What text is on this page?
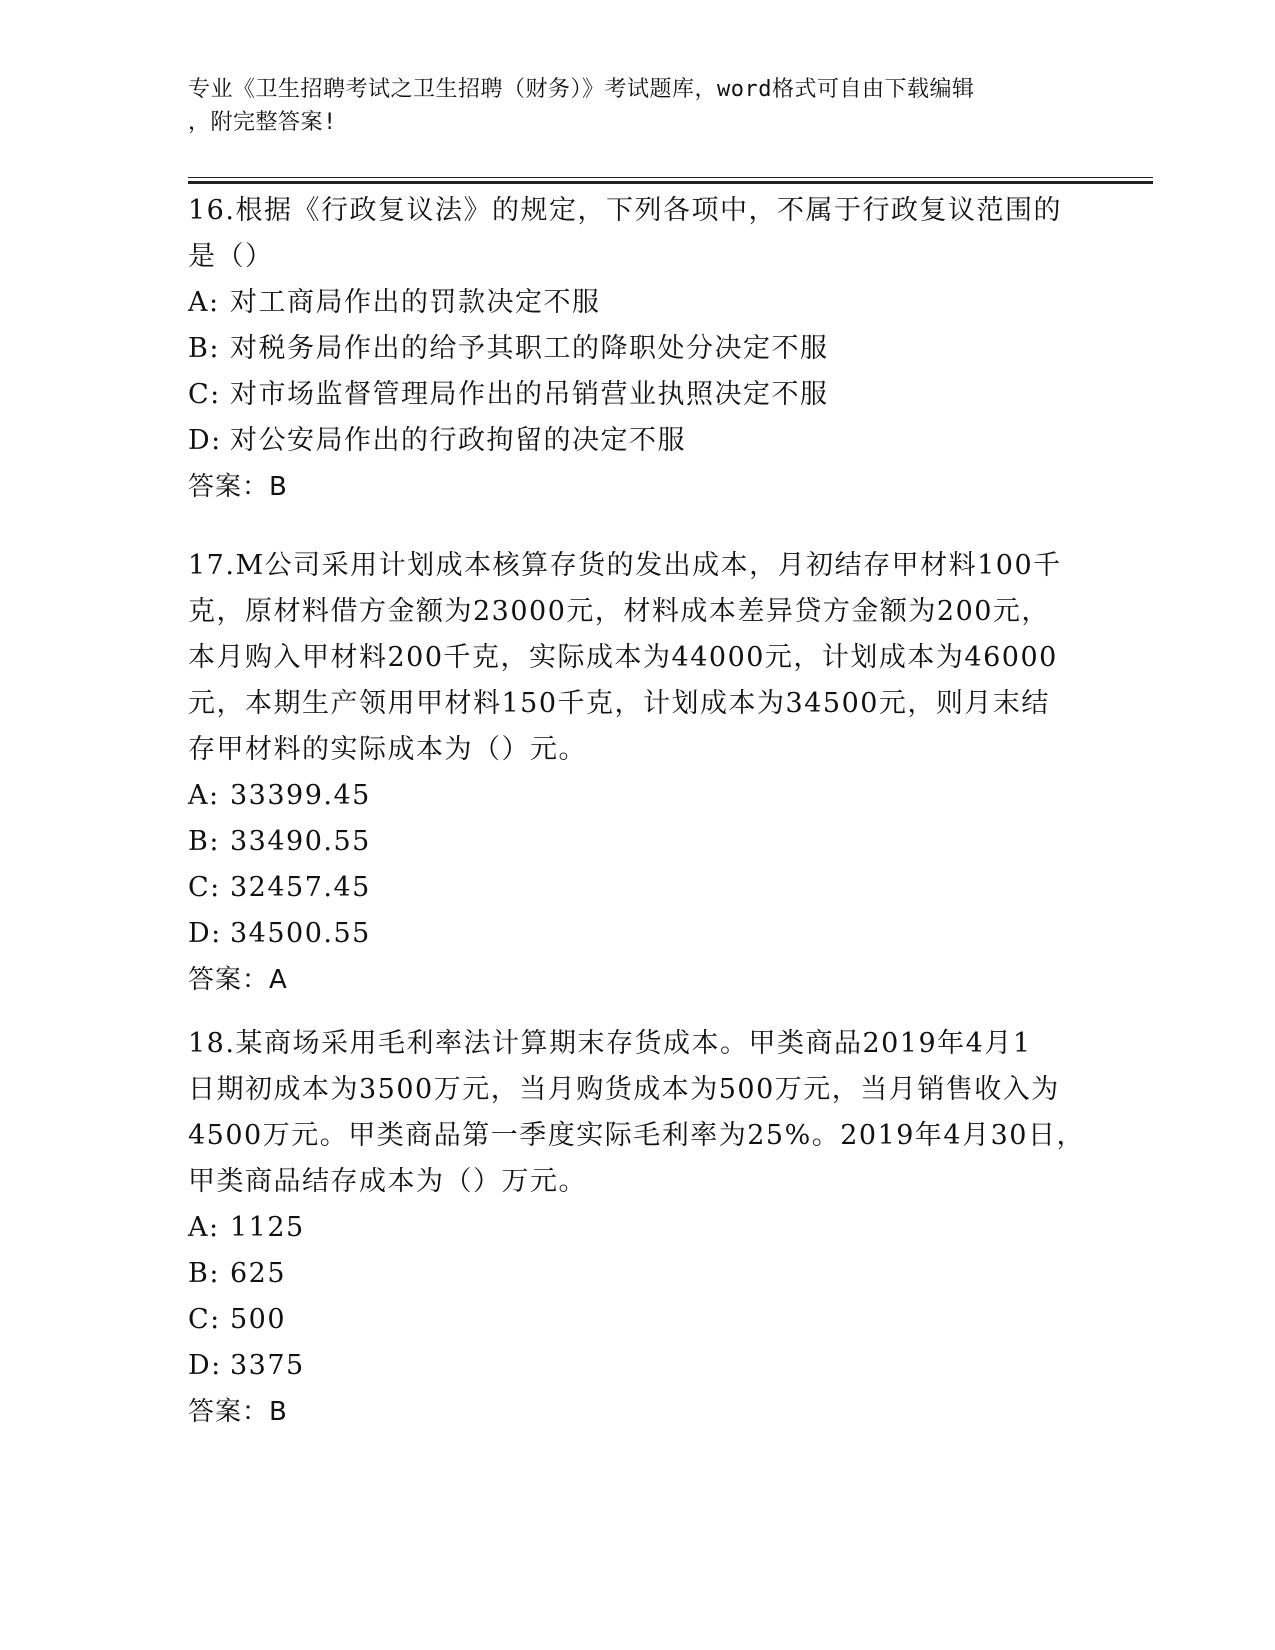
专业《卫生招聘考试之卫生招聘（财务）》考试题库，word格式可自由下载编辑
，附完整答案!
16.根据《行政复议法》的规定，下列各项中，不属于行政复议范围的
是（）
A: 对工商局作出的罚款决定不服
B: 对税务局作出的给予其职工的降职处分决定不服
C: 对市场监督管理局作出的吊销营业执照决定不服
D: 对公安局作出的行政拘留的决定不服
答案：B
17.M公司采用计划成本核算存货的发出成本，月初结存甲材料100千
克，原材料借方金额为23000元，材料成本差异贷方金额为200元，
本月购入甲材料200千克，实际成本为44000元，计划成本为46000
元，本期生产领用甲材料150千克，计划成本为34500元，则月末结
存甲材料的实际成本为（）元。
A: 33399.45
B: 33490.55
C: 32457.45
D: 34500.55
答案：A
18.某商场采用毛利率法计算期末存货成本。甲类商品2019年4月1
日期初成本为3500万元，当月购货成本为500万元，当月销售收入为
4500万元。甲类商品第一季度实际毛利率为25%。2019年4月30日，
甲类商品结存成本为（）万元。
A: 1125
B: 625
C: 500
D: 3375
答案：B
